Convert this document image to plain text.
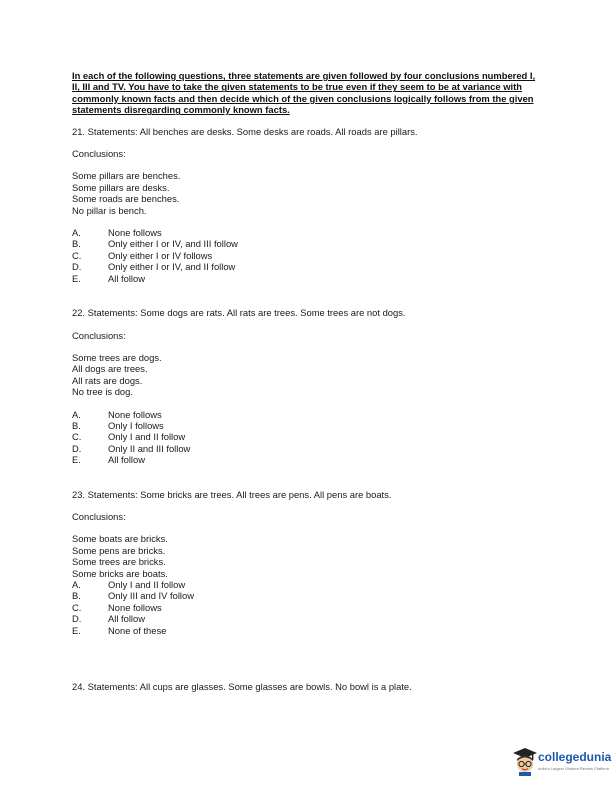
In each of the following questions, three statements are given followed by four conclusions numbered I, II, III and TV. You have to take the given statements to be true even if they seem to be at variance with commonly known facts and then decide which of the given conclusions logically follows from the given statements disregarding commonly known facts.

21. Statements: All benches are desks. Some desks are roads. All roads are pillars.

Conclusions:

Some pillars are benches.
Some pillars are desks.
Some roads are benches.
No pillar is bench.
A.	None follows
B.	Only either I or IV, and III follow
C.	Only either I or IV follows
D.	Only either I or IV, and II follow
E.	All follow

22. Statements: Some dogs are rats. All rats are trees. Some trees are not dogs.

Conclusions:

Some trees are dogs.
All dogs are trees.
All rats are dogs.
No tree is dog.
A.	None follows
B.	Only I follows
C.	Only I and II follow
D.	Only II and III follow
E.	All follow

23. Statements: Some bricks are trees. All trees are pens. All pens are boats.

Conclusions:

Some boats are bricks.
Some pens are bricks.
Some trees are bricks.
Some bricks are boats.
A.	Only I and II follow
B.	Only III and IV follow
C.	None follows
D.	All follow
E.	None of these

24. Statements: All cups are glasses. Some glasses are bowls. No bowl is a plate.

collegedunia
India's Largest Student Review Platform
